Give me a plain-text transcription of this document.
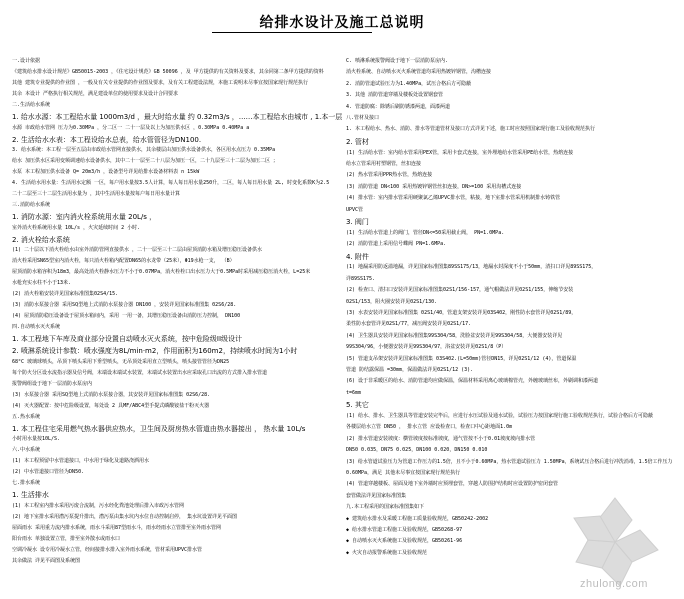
给排水设计及施工总说明
一.设计依据
《建筑给水排水设计规范》GB50015-2003 ，《住宅设计规范》GB 50096 ，及 甲方提供的有关资料及要求，其余同第二条甲方提供的资料
其他 建筑专业提供的作业图 ，一般及有关专业提供的作业图及要求，及有关工程建设法规，本施工说明未尽事宜按国家现行规范执行
其余 本设计 严格执行相关规范，满足建设单位的使用要求及设计合同要求
二.生活给水系统
1. 给水水源：本工程给水量 1000m3/d ，最大时给水量 约 0.32m3/s ，……本工程给水由城市 , 1.本一层
水源 市政给水管网 压力为0.30MPa ，分二区一 二十一层及以上为加压供水区 ，0.30MPa 0.40MPa a
2. 生活给水水表：本工程设给水总表，给水管管径为DN100.
3. 给水系统：本工程一层至五层由市政给水管网直接供水，其余楼层由加压供水设备供水，各区用水点压力 0.35MPa
给水 加压供水区采用变频调速给水设备供水，其中二十一层至二十八层为加压一区，二十九层至三十二层为加压二区 ；
水泵 本工程加压供水设备 Q= 20m3/h ，设备型号详见给排水设备材料表 n 15kW
4. 生活给水用水量：生活用水定额 一区，每户用水量按3.5人计算，每人每日用水量250升，二区，每人每日用水量 2L, 时变化系数K为2.5
二十二层至三十二层生活用水量为 ，其中生活用水量按每户每日用水量计算
三.消防给水系统
1. 消防水源：室内消火栓系统用水量 20L/s ，
室外消火栓系统用水量 10L/s ，火灾延续时间 2 小时.
2. 消火栓给水系统
(1) 二十层以下消火栓给水由室外消防管网直接供水 ，二十一层至三十二层由屋顶消防水箱及增压稳压设备供水
消火栓采用SN65型室内消火栓，每只消火栓箱内配置DN65的水龙带（25米），Φ19水枪一支， （B）
屋顶消防水箱容积为18m3，最高处消火栓静水压力不小于0.07MPa，消火栓栓口出水压力大于0.5MPa时采用减压稳压消火栓，L=25米
水枪充实水柱不小于13米.
(2) 消火栓箱安装详见国家标准图集02S4/15.
(3) 消防水泵接合器 采用SQ型地上式消防水泵接合器 DN100 ，安装详见国家标准图集 02S6/28.
(4) 屋顶消防稳压设备设于屋顶水箱间内，采用 一用一备，其增压稳压设备由消防压力控制， DN100
四.自动喷水灭火系统
1. 本工程地下车库及商业部分设置自动喷水灭火系统，按中危险级II级设计
2. 喷淋系统设计参数：喷水强度为8L/min·m2，作用面积为160m2，持续喷水时间为1小时
68°C 玻璃球喷头，吊顶下喷头采用下垂型喷头，无吊顶处采用直立型喷头，喷头接管管径为DN25
每个防火分区设水流指示器及信号阀，末端设末端试水装置，末端试水装置出水应采取孔口出流的方式排入排水管道
报警阀组设于地下一层消防水泵房内
(3) 水泵接合器 采用SQ型地上式消防水泵接合器，其安装详见国家标准图集 02S6/28.
(4) 灭火器配置：按中危险级设置，每处设 2 具MF/ABC4型手提式磷酸铵盐干粉灭火器
五.热水系统
1. 本工程住宅采用燃气热水器供应热水，卫生间及厨房热水管道由热水器接出 ， 热水量 10L/s
小时用水量按10L/S.
六.中水系统
(1) 本工程预留中水管道接口，中水用于绿化及道路浇洒用水
(2) 中水管道接口管径为DN50.
七.排水系统
1. 生活排水
(1) 本工程室内排水采用污废合流制，污水经化粪池处理后排入市政污水管网
(2) 地下室排水采用潜污泵提升排出，潜污泵由集水坑内水位自动控制启停， 集水坑设置详见平面图
屋面雨水 采用重力流内排水系统，雨水斗采用87型雨水斗，雨水经雨水立管排至室外雨水管网
阳台雨水 单独设置立管，排至室外散水或雨水口
空调冷凝水 设专用冷凝水立管，经间接排水排入室外雨水系统，管材采用UPVC排水管
其余做法 详见平面图及系统图
C. 喷淋系统报警阀设于地下一层消防泵房内.
消火栓系统、自动喷水灭火系统管道均采用热镀锌钢管，沟槽连接
2. 消防管道试验压力为1.40MPa，试压合格后方可隐蔽
3. 其他 消防管道穿墙及楼板处设置钢套管
4. 管道防腐：除锈后刷防锈漆两道，面漆两道
八.管材及接口
1. 本工程给水、热水、消防、排水等管道管材及接口方式详见下述，施工时应按照国家现行施工及验收规范执行
2. 管材
(1) 生活给水管：室内给水管采用PEX管，采用卡套式连接，室外埋地给水管采用PE给水管，热熔连接
给水立管采用衬塑钢管，丝扣连接
(2) 热水管采用PPR热水管，热熔连接
(3) 消防管道 DN<100 采用热镀锌钢管丝扣连接，DN>=100 采用沟槽式连接
(4) 排水管：室内排水管采用硬聚氯乙烯UPVC排水管，粘接，地下室排水管采用机制排水铸铁管
UPVC管
3. 阀门
(1) 生活给水管道上的阀门，管径DN<=50采用截止阀， PN=1.0MPa.
(2) 消防管道上采用信号蝶阀 PN=1.6MPa.
4. 附件
(1) 地漏采用防返溢地漏，详见国家标准图集89SS175/13，地漏水封深度不小于50mm，清扫口详见89SS175，
详89SS175.
(2) 检查口、清扫口安装详见国家标准图集02S1/156-157，通气帽做法详见02S1/155，伸缩节安装
02S1/153，阻火圈安装详见02S1/130.
(3) 水表安装详见国家标准图集 02S1/40，管道支架安装详见03S402，刚性防水套管详见02S1/89，
柔性防水套管详见02S1/77，减压阀安装详见02S1/17.
(4) 卫生器具安装详见国家标准图集99S304/58，洗脸盆安装详见99S304/58，大便器安装详见
99S304/96，小便器安装详见99S304/97，浴盆安装详见02S1/8（P）
(5) 管道支吊架安装详见国家标准图集 03S402.(L=50mm)管径DN15，详见02S1/12 (4)，管道保温
管道 防结露保温 =30mm，保温做法详见02S1/12 (3).
(6) 设于非采暖区的给水、消防管道均应做保温，保温材料采用离心玻璃棉管壳，外缠玻璃丝布，外刷调和漆两道
t=6mm
5. 其它
(1) 给水、排水、卫生器具等管道安装完毕后，应进行水压试验及通水试验，试验压力按国家现行施工验收规范执行，试验合格后方可隐蔽
各楼层给水立管 DN50 ， 排水立管 应设检查口，检查口中心距地面1.0m
(2) 排水管道安装坡度：横管坡度按标准坡度，通气管按不小于0.01坡度坡向排水管
DN50 0.035，DN75 0.025，DN100 0.020，DN150 0.010
(3) 给水管道试验压力为管道工作压力的1.5倍，且不小于0.60MPa，热水管道试验压力 1.50MPa，系统试压合格后进行冲洗消毒，1.5倍工作压力
0.60MPa，满足 其他未尽事宜按国家现行规范执行
(4) 管道穿越楼板、屋面及地下室外墙时应预埋套管，穿越人防围护结构时应设置防护密闭套管
套管做法详见国家标准图集
九.本工程采用的国家标准图集如下
◆ 建筑给水排水及采暖工程施工质量验收规范，GB50242-2002
◆ 给水排水管道工程施工及验收规范，GB50268-97
◆ 自动喷水灭火系统施工及验收规范，GB50261-96
◆ 火灾自动报警系统施工及验收规范
zhulong.com
